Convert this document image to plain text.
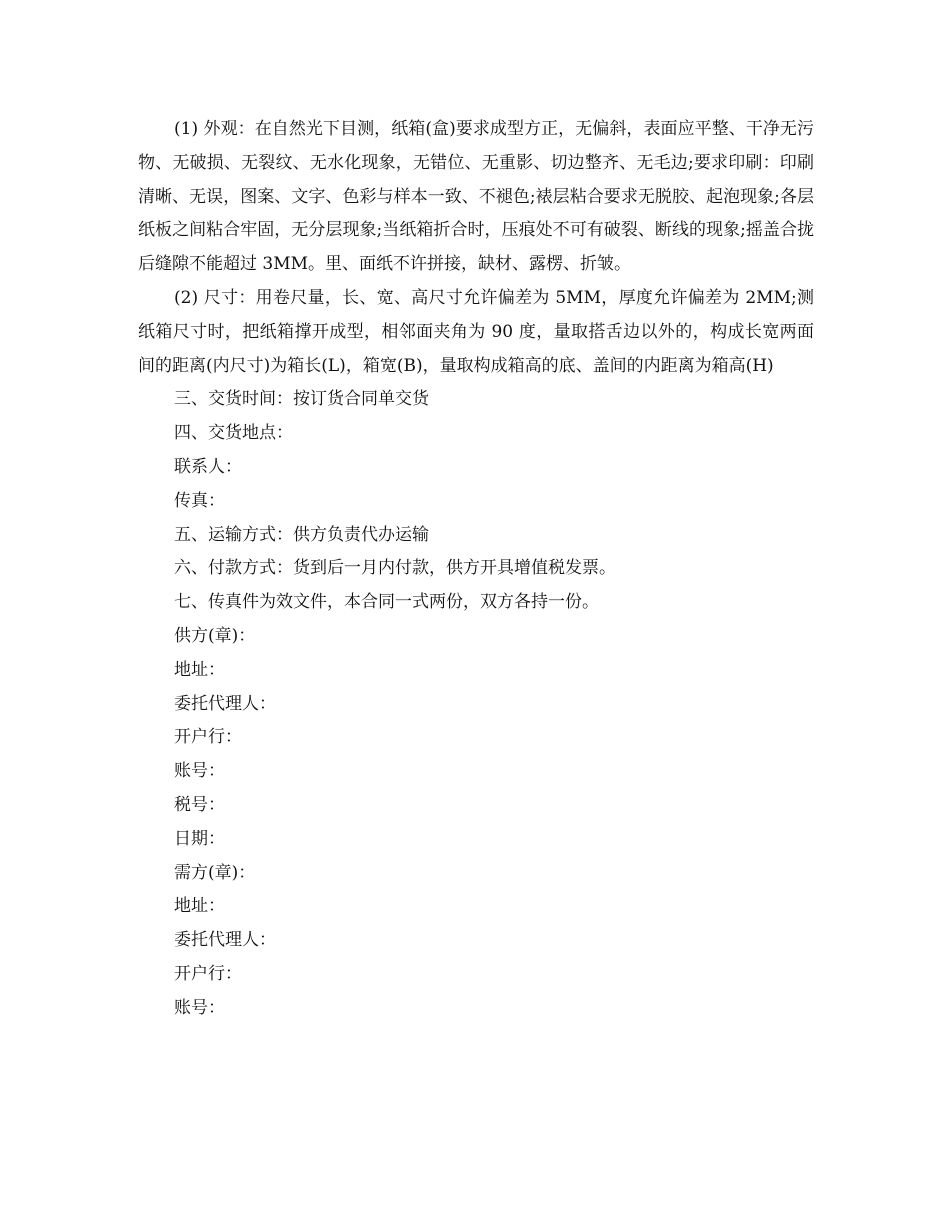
(1) 外观：在自然光下目测，纸箱(盒)要求成型方正，无偏斜，表面应平整、干净无污物、无破损、无裂纹、无水化现象，无错位、无重影、切边整齐、无毛边;要求印刷：印刷清晰、无误，图案、文字、色彩与样本一致、不褪色;裱层粘合要求无脱胶、起泡现象;各层纸板之间粘合牢固，无分层现象;当纸箱折合时，压痕处不可有破裂、断线的现象;摇盖合拢后缝隙不能超过 3MM。里、面纸不许拼接，缺材、露楞、折皱。

(2) 尺寸：用卷尺量，长、宽、高尺寸允许偏差为 5MM，厚度允许偏差为 2MM;测纸箱尺寸时，把纸箱撑开成型，相邻面夹角为 90 度，量取搭舌边以外的，构成长宽两面间的距离(内尺寸)为箱长(L)，箱宽(B)，量取构成箱高的底、盖间的内距离为箱高(H)

三、交货时间：按订货合同单交货

四、交货地点：

联系人：

传真：

五、运输方式：供方负责代办运输

六、付款方式：货到后一月内付款，供方开具增值税发票。

七、传真件为效文件，本合同一式两份，双方各持一份。

供方(章)：

地址：

委托代理人：

开户行：

账号：

税号：

日期：

需方(章)：

地址：

委托代理人：

开户行：

账号：
